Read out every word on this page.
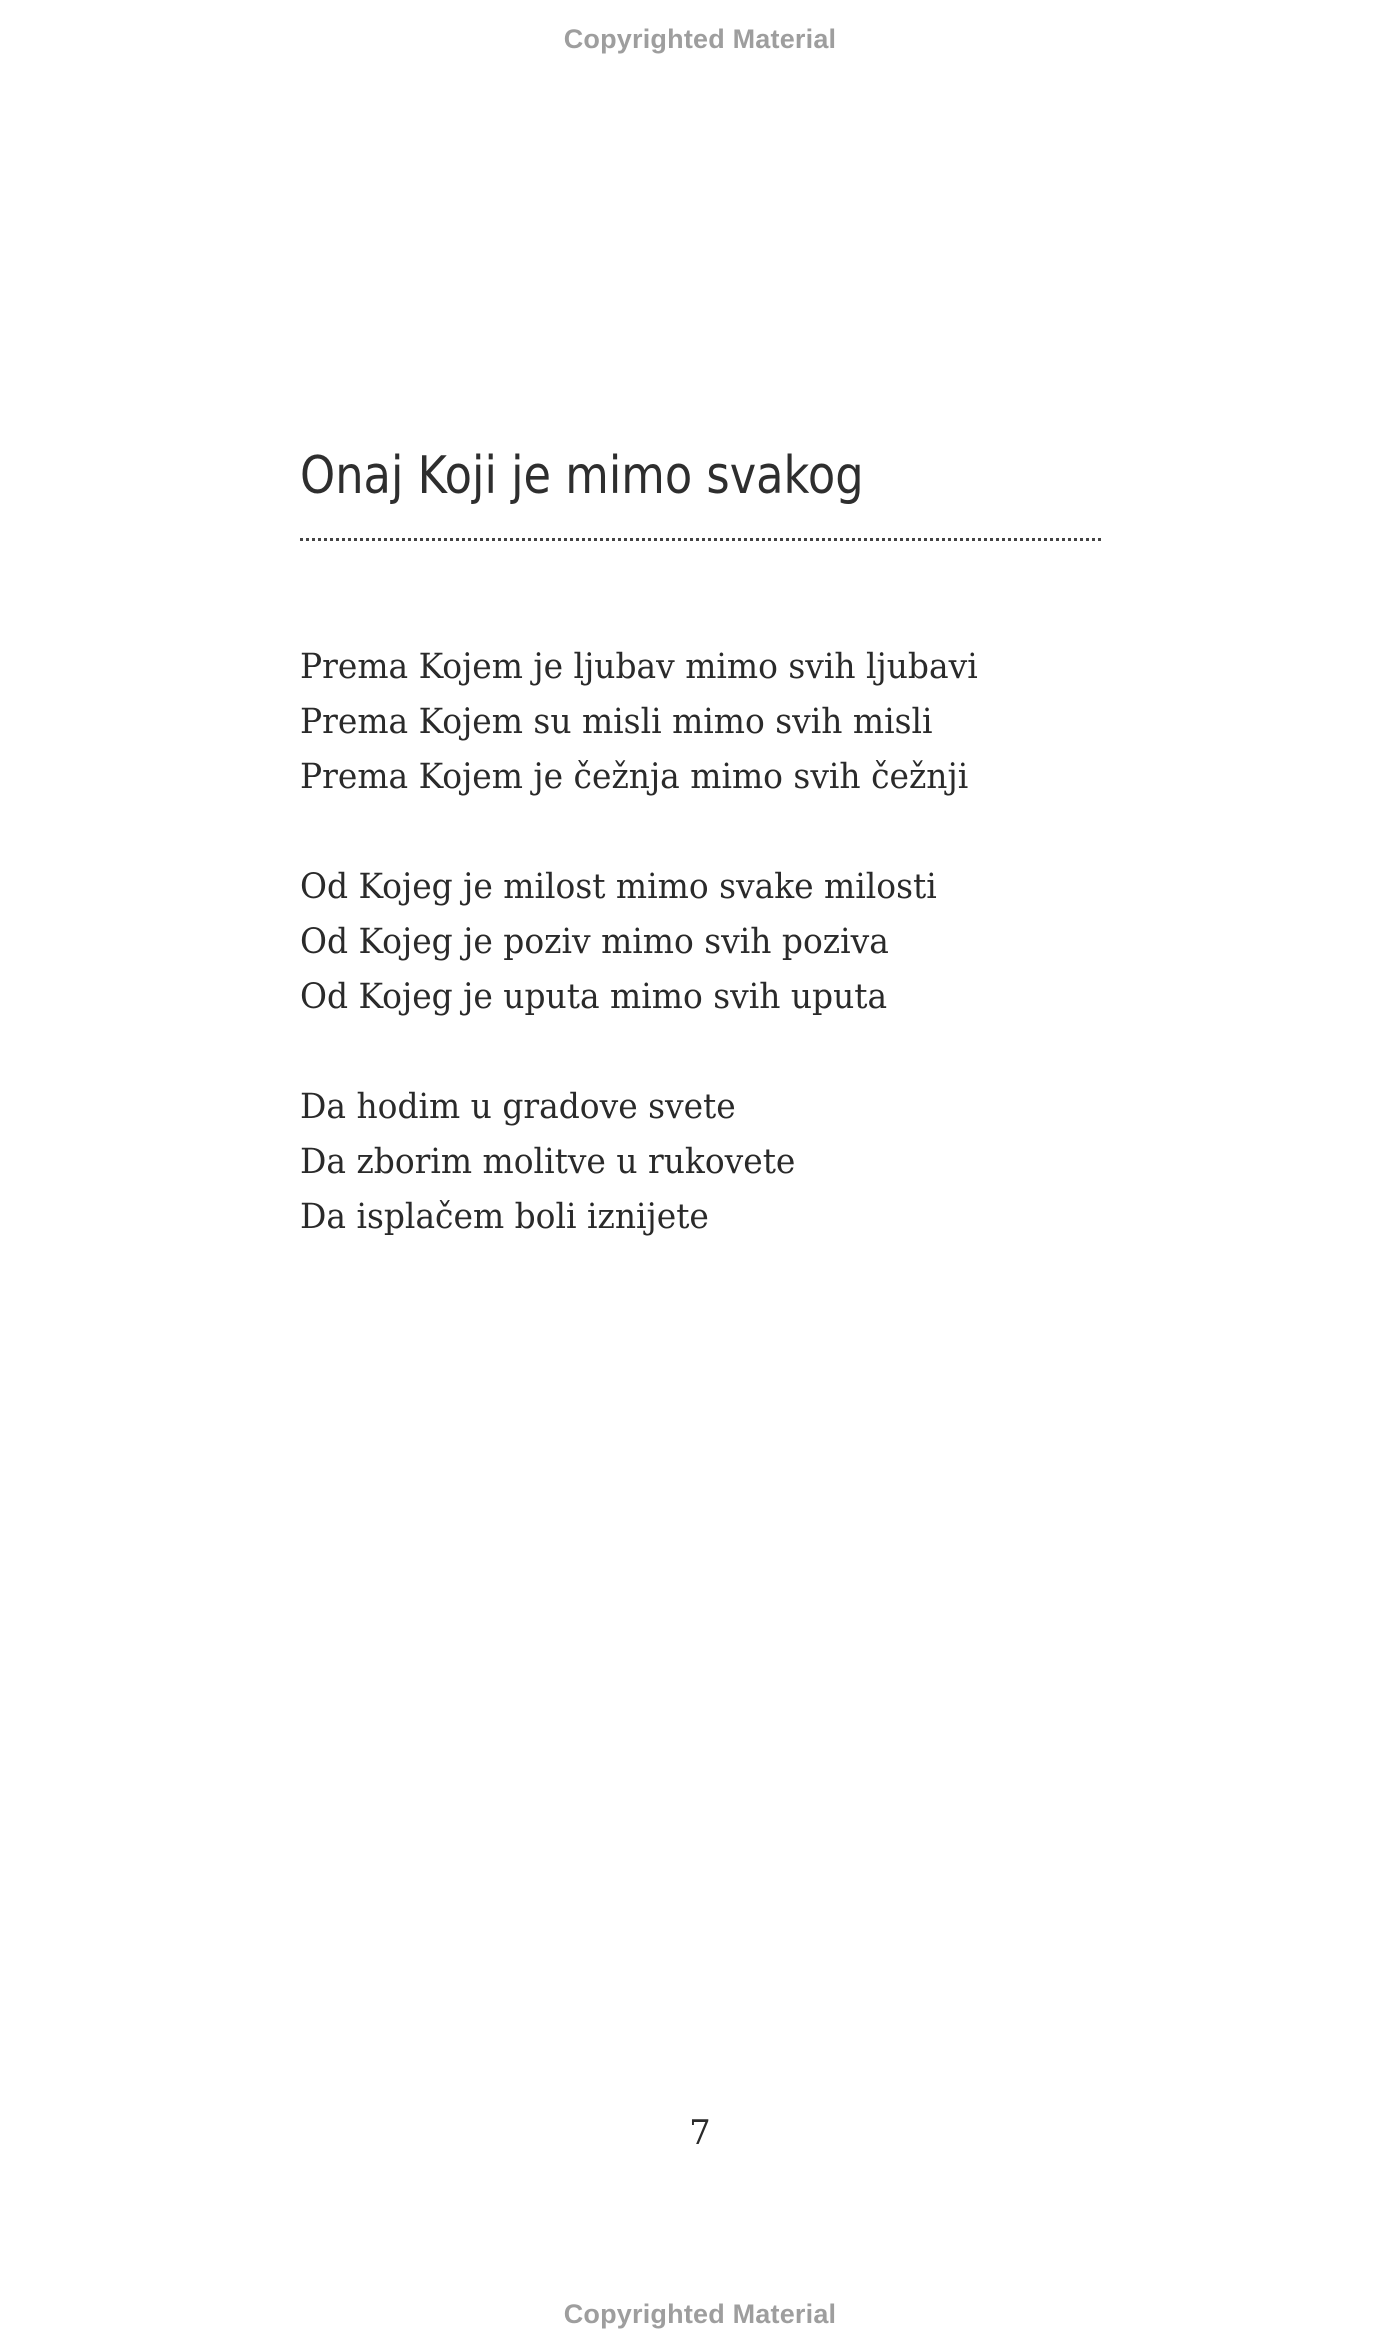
Copyrighted Material
Onaj Koji je mimo svakog
Prema Kojem je ljubav mimo svih ljubavi
Prema Kojem su misli mimo svih misli
Prema Kojem je čežnja mimo svih čežnji
Od Kojeg je milost mimo svake milosti
Od Kojeg je poziv mimo svih poziva
Od Kojeg je uputa mimo svih uputa
Da hodim u gradove svete
Da zborim molitve u rukovete
Da isplačem boli iznijete
7
Copyrighted Material
